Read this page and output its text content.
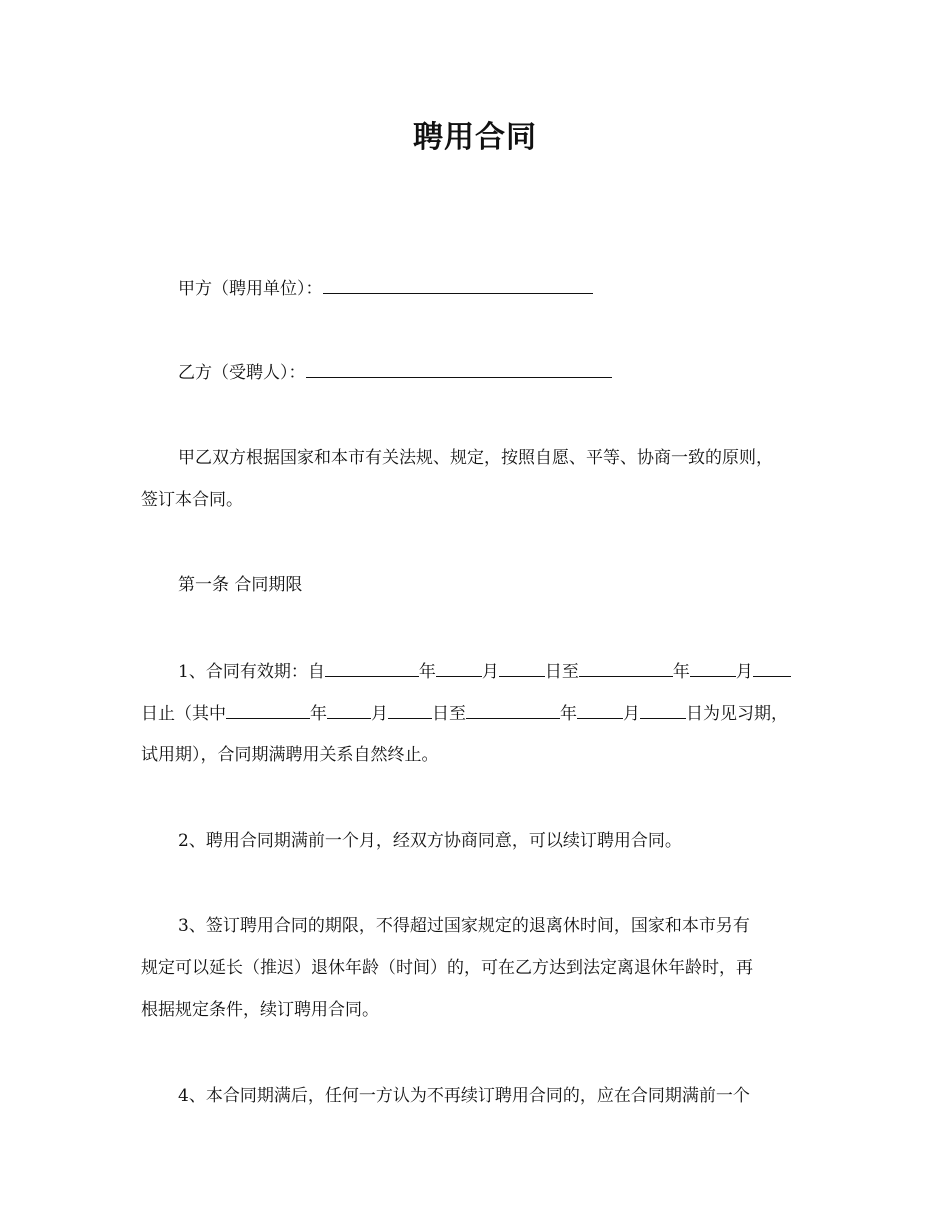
聘用合同
甲方（聘用单位）：
乙方（受聘人）：
甲乙双方根据国家和本市有关法规、规定，按照自愿、平等、协商一致的原则，
签订本合同。
第一条 合同期限
1、合同有效期：自	年	月	日至	年	月
日止（其中	年	月	日至	年	月	日为见习期，
试用期），合同期满聘用关系自然终止。
2、聘用合同期满前一个月，经双方协商同意，可以续订聘用合同。
3、签订聘用合同的期限，不得超过国家规定的退离休时间，国家和本市另有
规定可以延长（推迟）退休年龄（时间）的，可在乙方达到法定离退休年龄时，再
根据规定条件，续订聘用合同。
4、本合同期满后，任何一方认为不再续订聘用合同的，应在合同期满前一个
